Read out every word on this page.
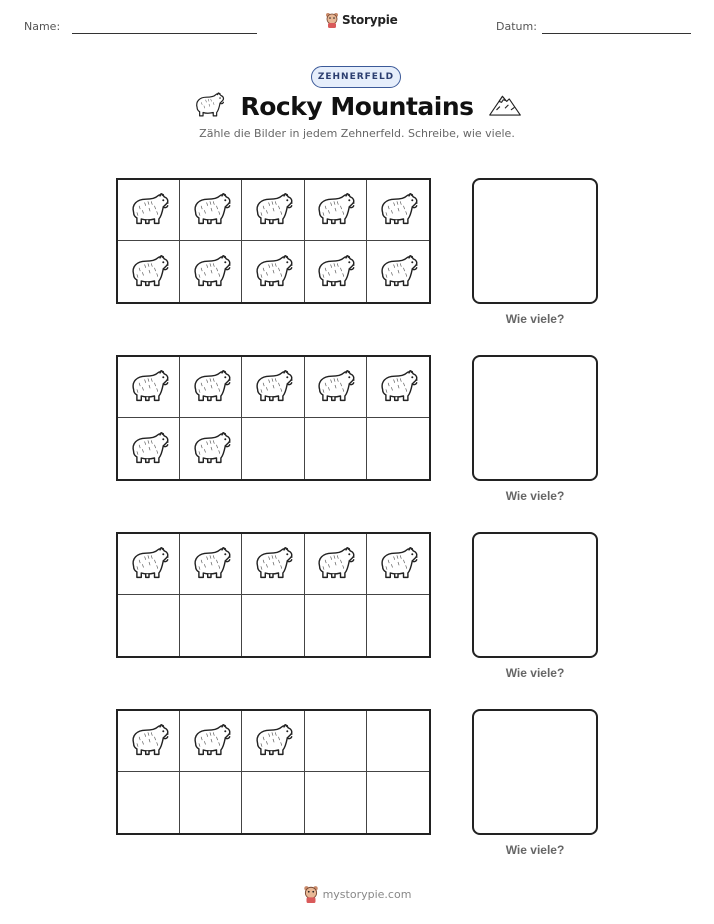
Name:	Storypie	Datum:
ZEHNERFELD
Rocky Mountains
Zähle die Bilder in jedem Zehnerfeld. Schreibe, wie viele.
Wie viele?
Wie viele?
Wie viele?
Wie viele?
mystorypie.com
